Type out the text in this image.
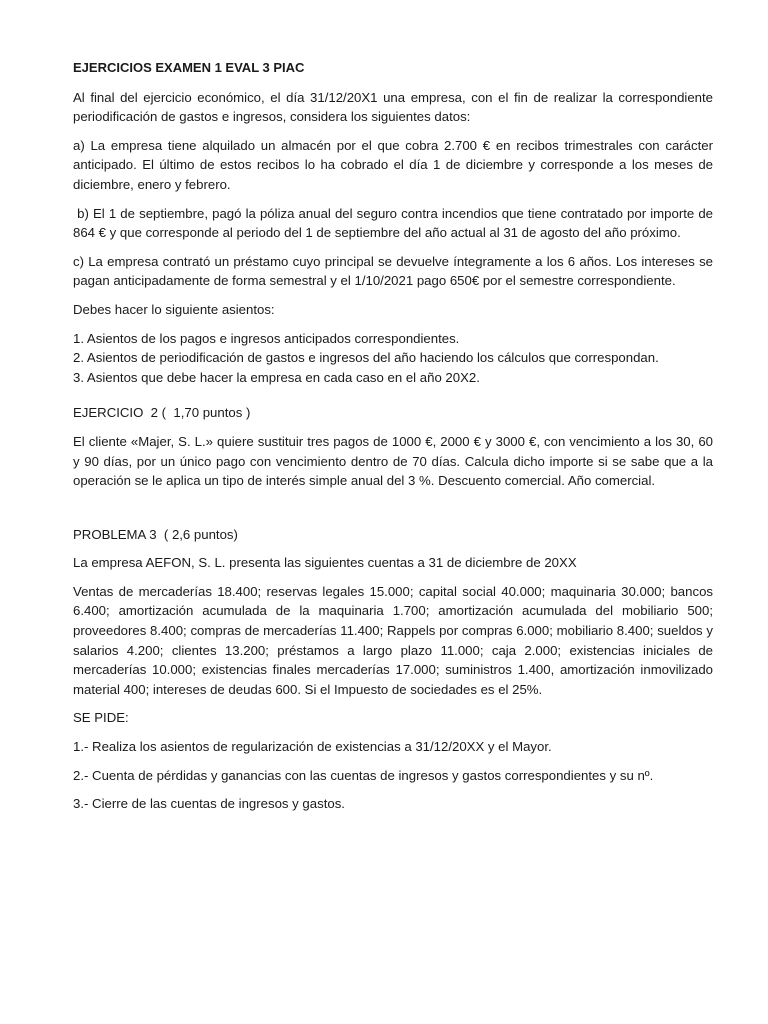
EJERCICIOS EXAMEN 1 EVAL 3 PIAC

Al final del ejercicio económico, el día 31/12/20X1 una empresa, con el fin de realizar la correspondiente periodificación de gastos e ingresos, considera los siguientes datos:

a) La empresa tiene alquilado un almacén por el que cobra 2.700 € en recibos trimestrales con carácter anticipado. El último de estos recibos lo ha cobrado el día 1 de diciembre y corresponde a los meses de diciembre, enero y febrero.

b) El 1 de septiembre, pagó la póliza anual del seguro contra incendios que tiene contratado por importe de 864 € y que corresponde al periodo del 1 de septiembre del año actual al 31 de agosto del año próximo.

c) La empresa contrató un préstamo cuyo principal se devuelve íntegramente a los 6 años. Los intereses se pagan anticipadamente de forma semestral y el 1/10/2021 pago 650€ por el semestre correspondiente.

Debes hacer lo siguiente asientos:

1. Asientos de los pagos e ingresos anticipados correspondientes.
2. Asientos de periodificación de gastos e ingresos del año haciendo los cálculos que correspondan.
3. Asientos que debe hacer la empresa en cada caso en el año 20X2.

EJERCICIO  2 (  1,70 puntos )

El cliente «Majer, S. L.» quiere sustituir tres pagos de 1000 €, 2000 € y 3000 €, con vencimiento a los 30, 60 y 90 días, por un único pago con vencimiento dentro de 70 días. Calcula dicho importe si se sabe que a la operación se le aplica un tipo de interés simple anual del 3 %. Descuento comercial. Año comercial.

PROBLEMA 3  ( 2,6 puntos)

La empresa AEFON, S. L. presenta las siguientes cuentas a 31 de diciembre de 20XX

Ventas de mercaderías 18.400; reservas legales 15.000; capital social 40.000; maquinaria 30.000; bancos 6.400; amortización acumulada de la maquinaria 1.700; amortización acumulada del mobiliario 500; proveedores 8.400; compras de mercaderías 11.400; Rappels por compras 6.000; mobiliario 8.400; sueldos y salarios 4.200; clientes 13.200; préstamos a largo plazo 11.000; caja 2.000; existencias iniciales de mercaderías 10.000; existencias finales mercaderías 17.000; suministros 1.400, amortización inmovilizado material 400; intereses de deudas 600. Si el Impuesto de sociedades es el 25%.

SE PIDE:

1.- Realiza los asientos de regularización de existencias a 31/12/20XX y el Mayor.

2.- Cuenta de pérdidas y ganancias con las cuentas de ingresos y gastos correspondientes y su nº.

3.- Cierre de las cuentas de ingresos y gastos.
